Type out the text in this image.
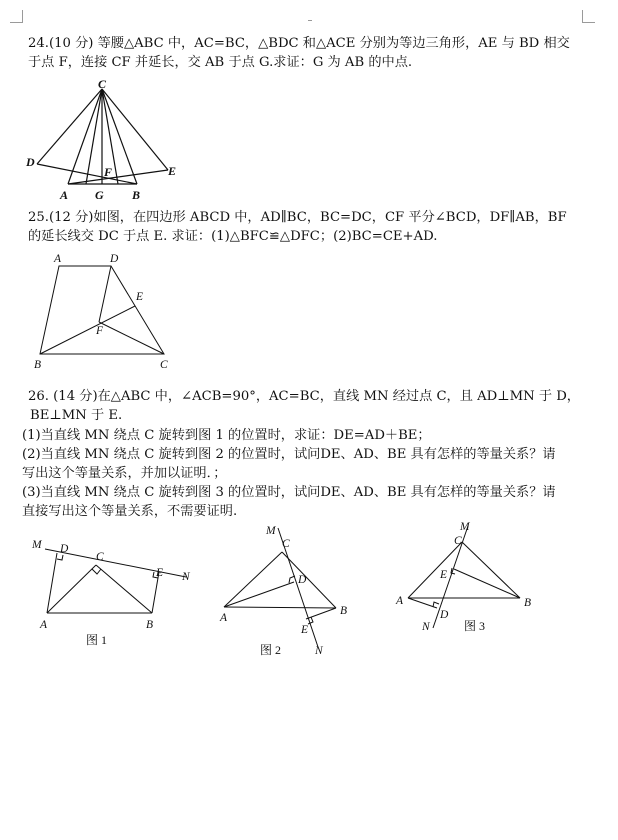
24.(10 分) 等腰△ABC 中，AC=BC，△BDC 和△ACE 分别为等边三角形，AE 与 BD 相交
于点 F，连接 CF 并延长，交 AB 于点 G.求证：G 为 AB 的中点.
C
D
E
F
A G B
25.(12 分)如图，在四边形 ABCD 中，AD∥BC，BC=DC，CF 平分∠BCD，DF∥AB，BF
的延长线交 DC 于点 E. 求证：(1)△BFC≌△DFC；(2)BC=CE+AD.
A	D
E
F
B	C
26. (14 分)在△ABC 中，∠ACB=90°，AC=BC，直线 MN 经过点 C，且 AD⊥MN 于 D，
BE⊥MN 于 E.
(1)当直线 MN 绕点 C 旋转到图 1 的位置时，求证：DE=AD＋BE；
(2)当直线 MN 绕点 C 旋转到图 2 的位置时，试问DE、AD、BE 具有怎样的等量关系？请
写出这个等量关系，并加以证明．；
(3)当直线 MN 绕点 C 旋转到图 3 的位置时，试问DE、AD、BE 具有怎样的等量关系？请
直接写出这个等量关系，不需要证明.
M D
C
E N
A	B
图 1
M
C
D
A
B
E
N
图 2
M
C
E
A	B
D
N	图 3
